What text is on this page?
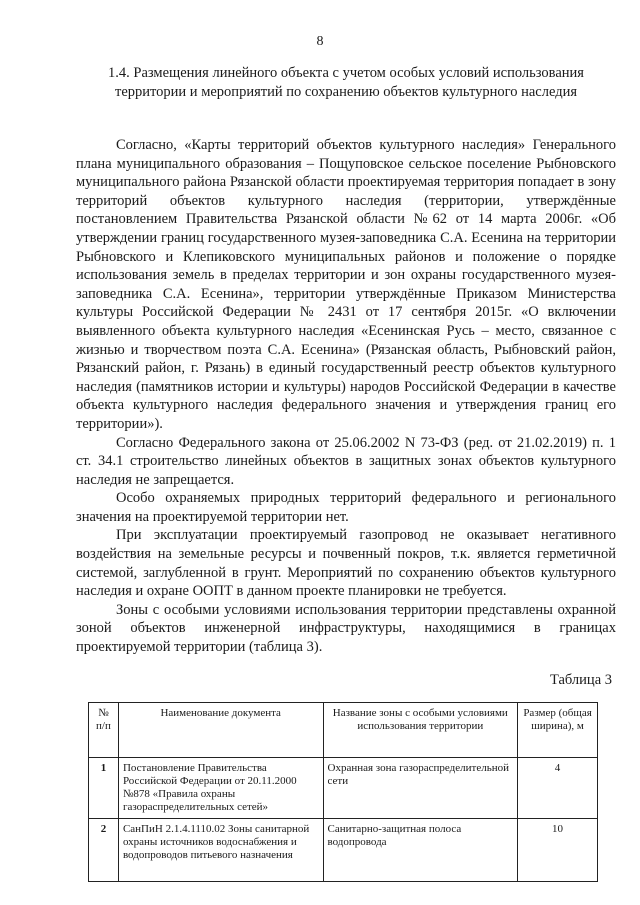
8
1.4. Размещения линейного объекта с учетом особых условий использования территории и мероприятий по сохранению объектов культурного наследия

Согласно, «Карты территорий объектов культурного наследия» Генерального плана муниципального образования – Пощуповское сельское поселение Рыбновского муниципального района Рязанской области проектируемая территория попадает в зону территорий объектов культурного наследия (территории, утверждённые постановлением Правительства Рязанской области №62 от 14 марта 2006г. «Об утверждении границ государственного музея-заповедника С.А. Есенина на территории Рыбновского и Клепиковского муниципальных районов и положение о порядке использования земель в пределах территории и зон охраны государственного музея-заповедника С.А. Есенина», территории утверждённые Приказом Министерства культуры Российской Федерации № 2431 от 17 сентября 2015г. «О включении выявленного объекта культурного наследия «Есенинская Русь – место, связанное с жизнью и творчеством поэта С.А. Есенина» (Рязанская область, Рыбновский район, Рязанский район, г. Рязань) в единый государственный реестр объектов культурного наследия (памятников истории и культуры) народов Российской Федерации в качестве объекта культурного наследия федерального значения и утверждения границ его территории»).

Согласно Федерального закона от 25.06.2002 N 73-ФЗ (ред. от 21.02.2019) п. 1 ст. 34.1 строительство линейных объектов в защитных зонах объектов культурного наследия не запрещается.

Особо охраняемых природных территорий федерального и регионального значения на проектируемой территории нет.

При эксплуатации проектируемый газопровод не оказывает негативного воздействия на земельные ресурсы и почвенный покров, т.к. является герметичной системой, заглубленной в грунт. Мероприятий по сохранению объектов культурного наследия и охране ООПТ в данном проекте планировки не требуется.

Зоны с особыми условиями использования территории представлены охранной зоной объектов инженерной инфраструктуры, находящимися в границах проектируемой территории (таблица 3).

Таблица 3
№ п/п	Наименование документа	Название зоны с особыми условиями использования территории	Размер (общая ширина), м
1	Постановление Правительства Российской Федерации от 20.11.2000 №878 «Правила охраны газораспределительных сетей»	Охранная зона газораспределительной сети	4
2	СанПиН 2.1.4.1110.02 Зоны санитарной охраны источников водоснабжения и водопроводов питьевого назначения	Санитарно-защитная полоса водопровода	10
